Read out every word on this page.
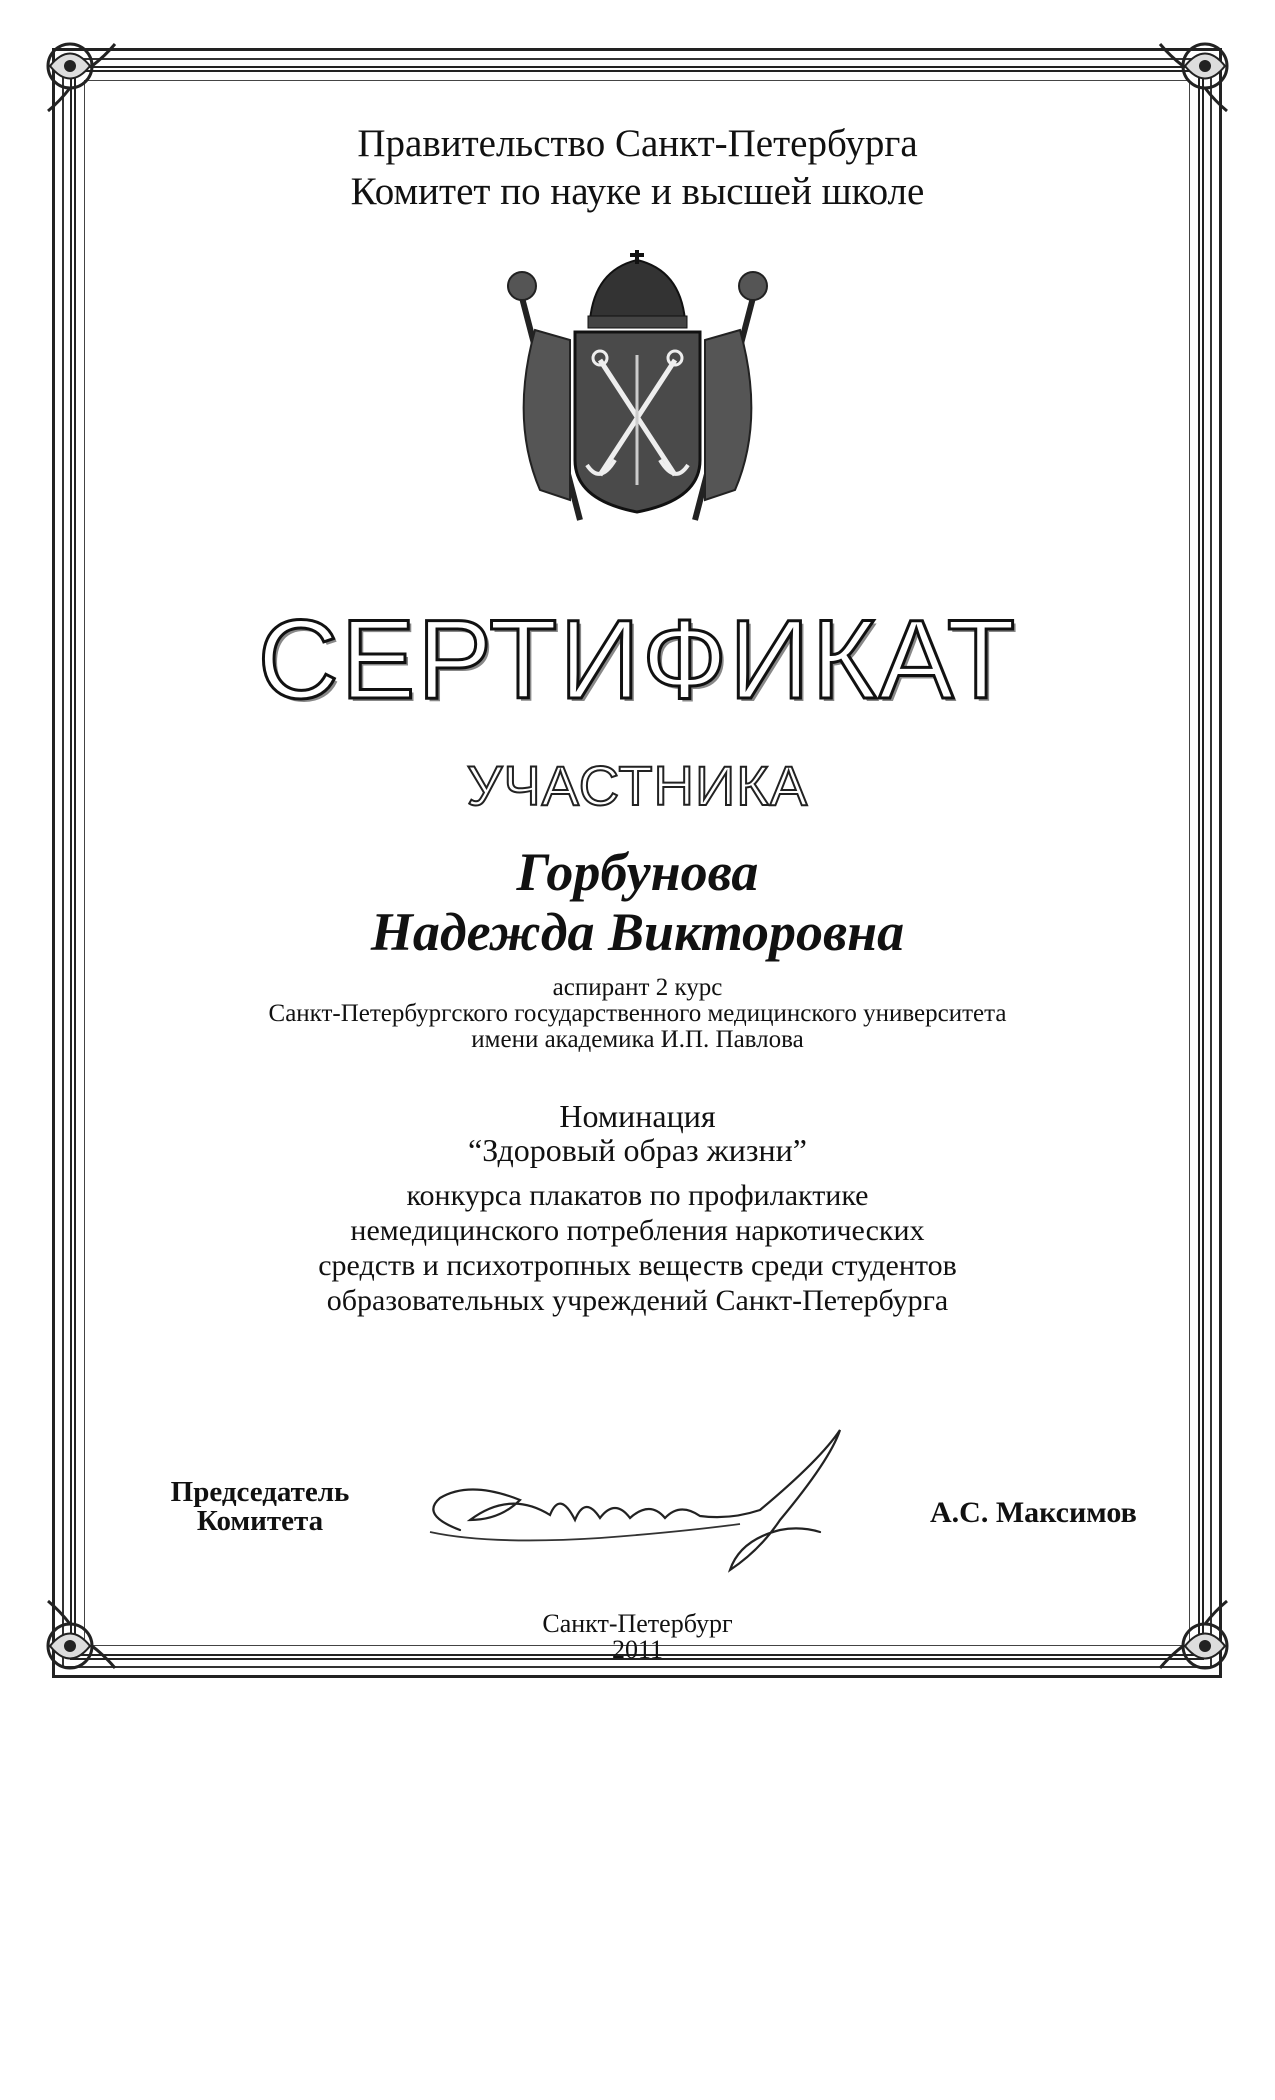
Правительство Санкт-Петербурга
Комитет по науке и высшей школе
СЕРТИФИКАТ
УЧАСТНИКА
Горбунова
Надежда Викторовна
аспирант 2 курс
Санкт-Петербургского государственного медицинского университета
имени академика И.П. Павлова
Номинация
“Здоровый образ жизни”
конкурса плакатов по профилактике
немедицинского потребления наркотических
средств и психотропных веществ среди студентов
образовательных учреждений Санкт-Петербурга
Председатель
Комитета	А.С. Максимов
Санкт-Петербург
2011
